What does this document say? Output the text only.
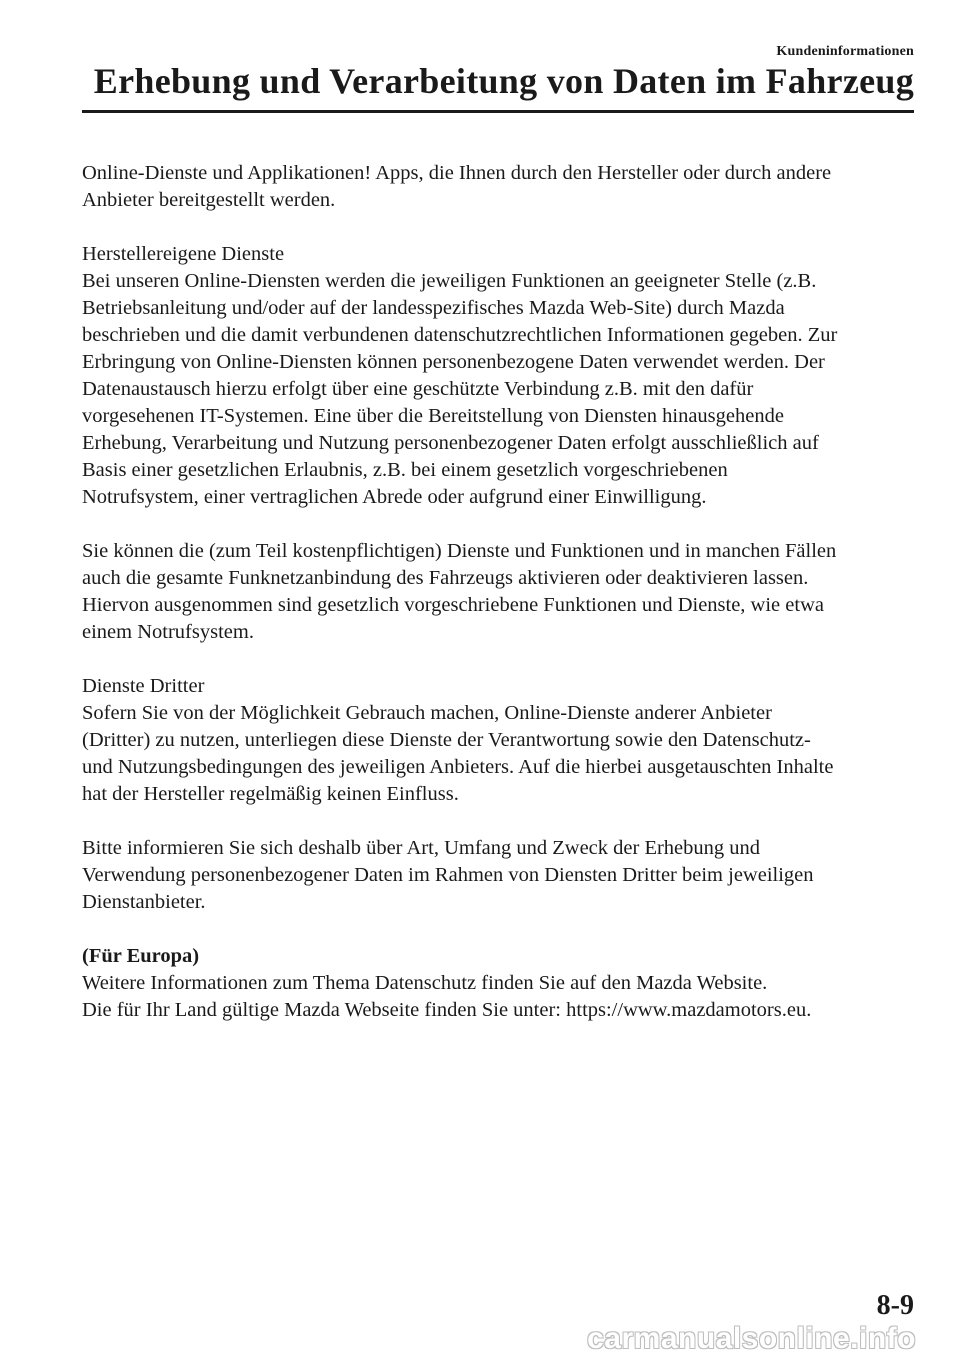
Kundeninformationen
Erhebung und Verarbeitung von Daten im Fahrzeug

Online-Dienste und Applikationen! Apps, die Ihnen durch den Hersteller oder durch andere
Anbieter bereitgestellt werden.

Herstellereigene Dienste
Bei unseren Online-Diensten werden die jeweiligen Funktionen an geeigneter Stelle (z.B.
Betriebsanleitung und/oder auf der landesspezifisches Mazda Web-Site) durch Mazda
beschrieben und die damit verbundenen datenschutzrechtlichen Informationen gegeben. Zur
Erbringung von Online-Diensten können personenbezogene Daten verwendet werden. Der
Datenaustausch hierzu erfolgt über eine geschützte Verbindung z.B. mit den dafür
vorgesehenen IT-Systemen. Eine über die Bereitstellung von Diensten hinausgehende
Erhebung, Verarbeitung und Nutzung personenbezogener Daten erfolgt ausschließlich auf
Basis einer gesetzlichen Erlaubnis, z.B. bei einem gesetzlich vorgeschriebenen
Notrufsystem, einer vertraglichen Abrede oder aufgrund einer Einwilligung.

Sie können die (zum Teil kostenpflichtigen) Dienste und Funktionen und in manchen Fällen
auch die gesamte Funknetzanbindung des Fahrzeugs aktivieren oder deaktivieren lassen.
Hiervon ausgenommen sind gesetzlich vorgeschriebene Funktionen und Dienste, wie etwa
einem Notrufsystem.

Dienste Dritter
Sofern Sie von der Möglichkeit Gebrauch machen, Online-Dienste anderer Anbieter
(Dritter) zu nutzen, unterliegen diese Dienste der Verantwortung sowie den Datenschutz-
und Nutzungsbedingungen des jeweiligen Anbieters. Auf die hierbei ausgetauschten Inhalte
hat der Hersteller regelmäßig keinen Einfluss.

Bitte informieren Sie sich deshalb über Art, Umfang und Zweck der Erhebung und
Verwendung personenbezogener Daten im Rahmen von Diensten Dritter beim jeweiligen
Dienstanbieter.

(Für Europa)
Weitere Informationen zum Thema Datenschutz finden Sie auf den Mazda Website.
Die für Ihr Land gültige Mazda Webseite finden Sie unter: https://www.mazdamotors.eu.

8-9
carmanualsonline.info
